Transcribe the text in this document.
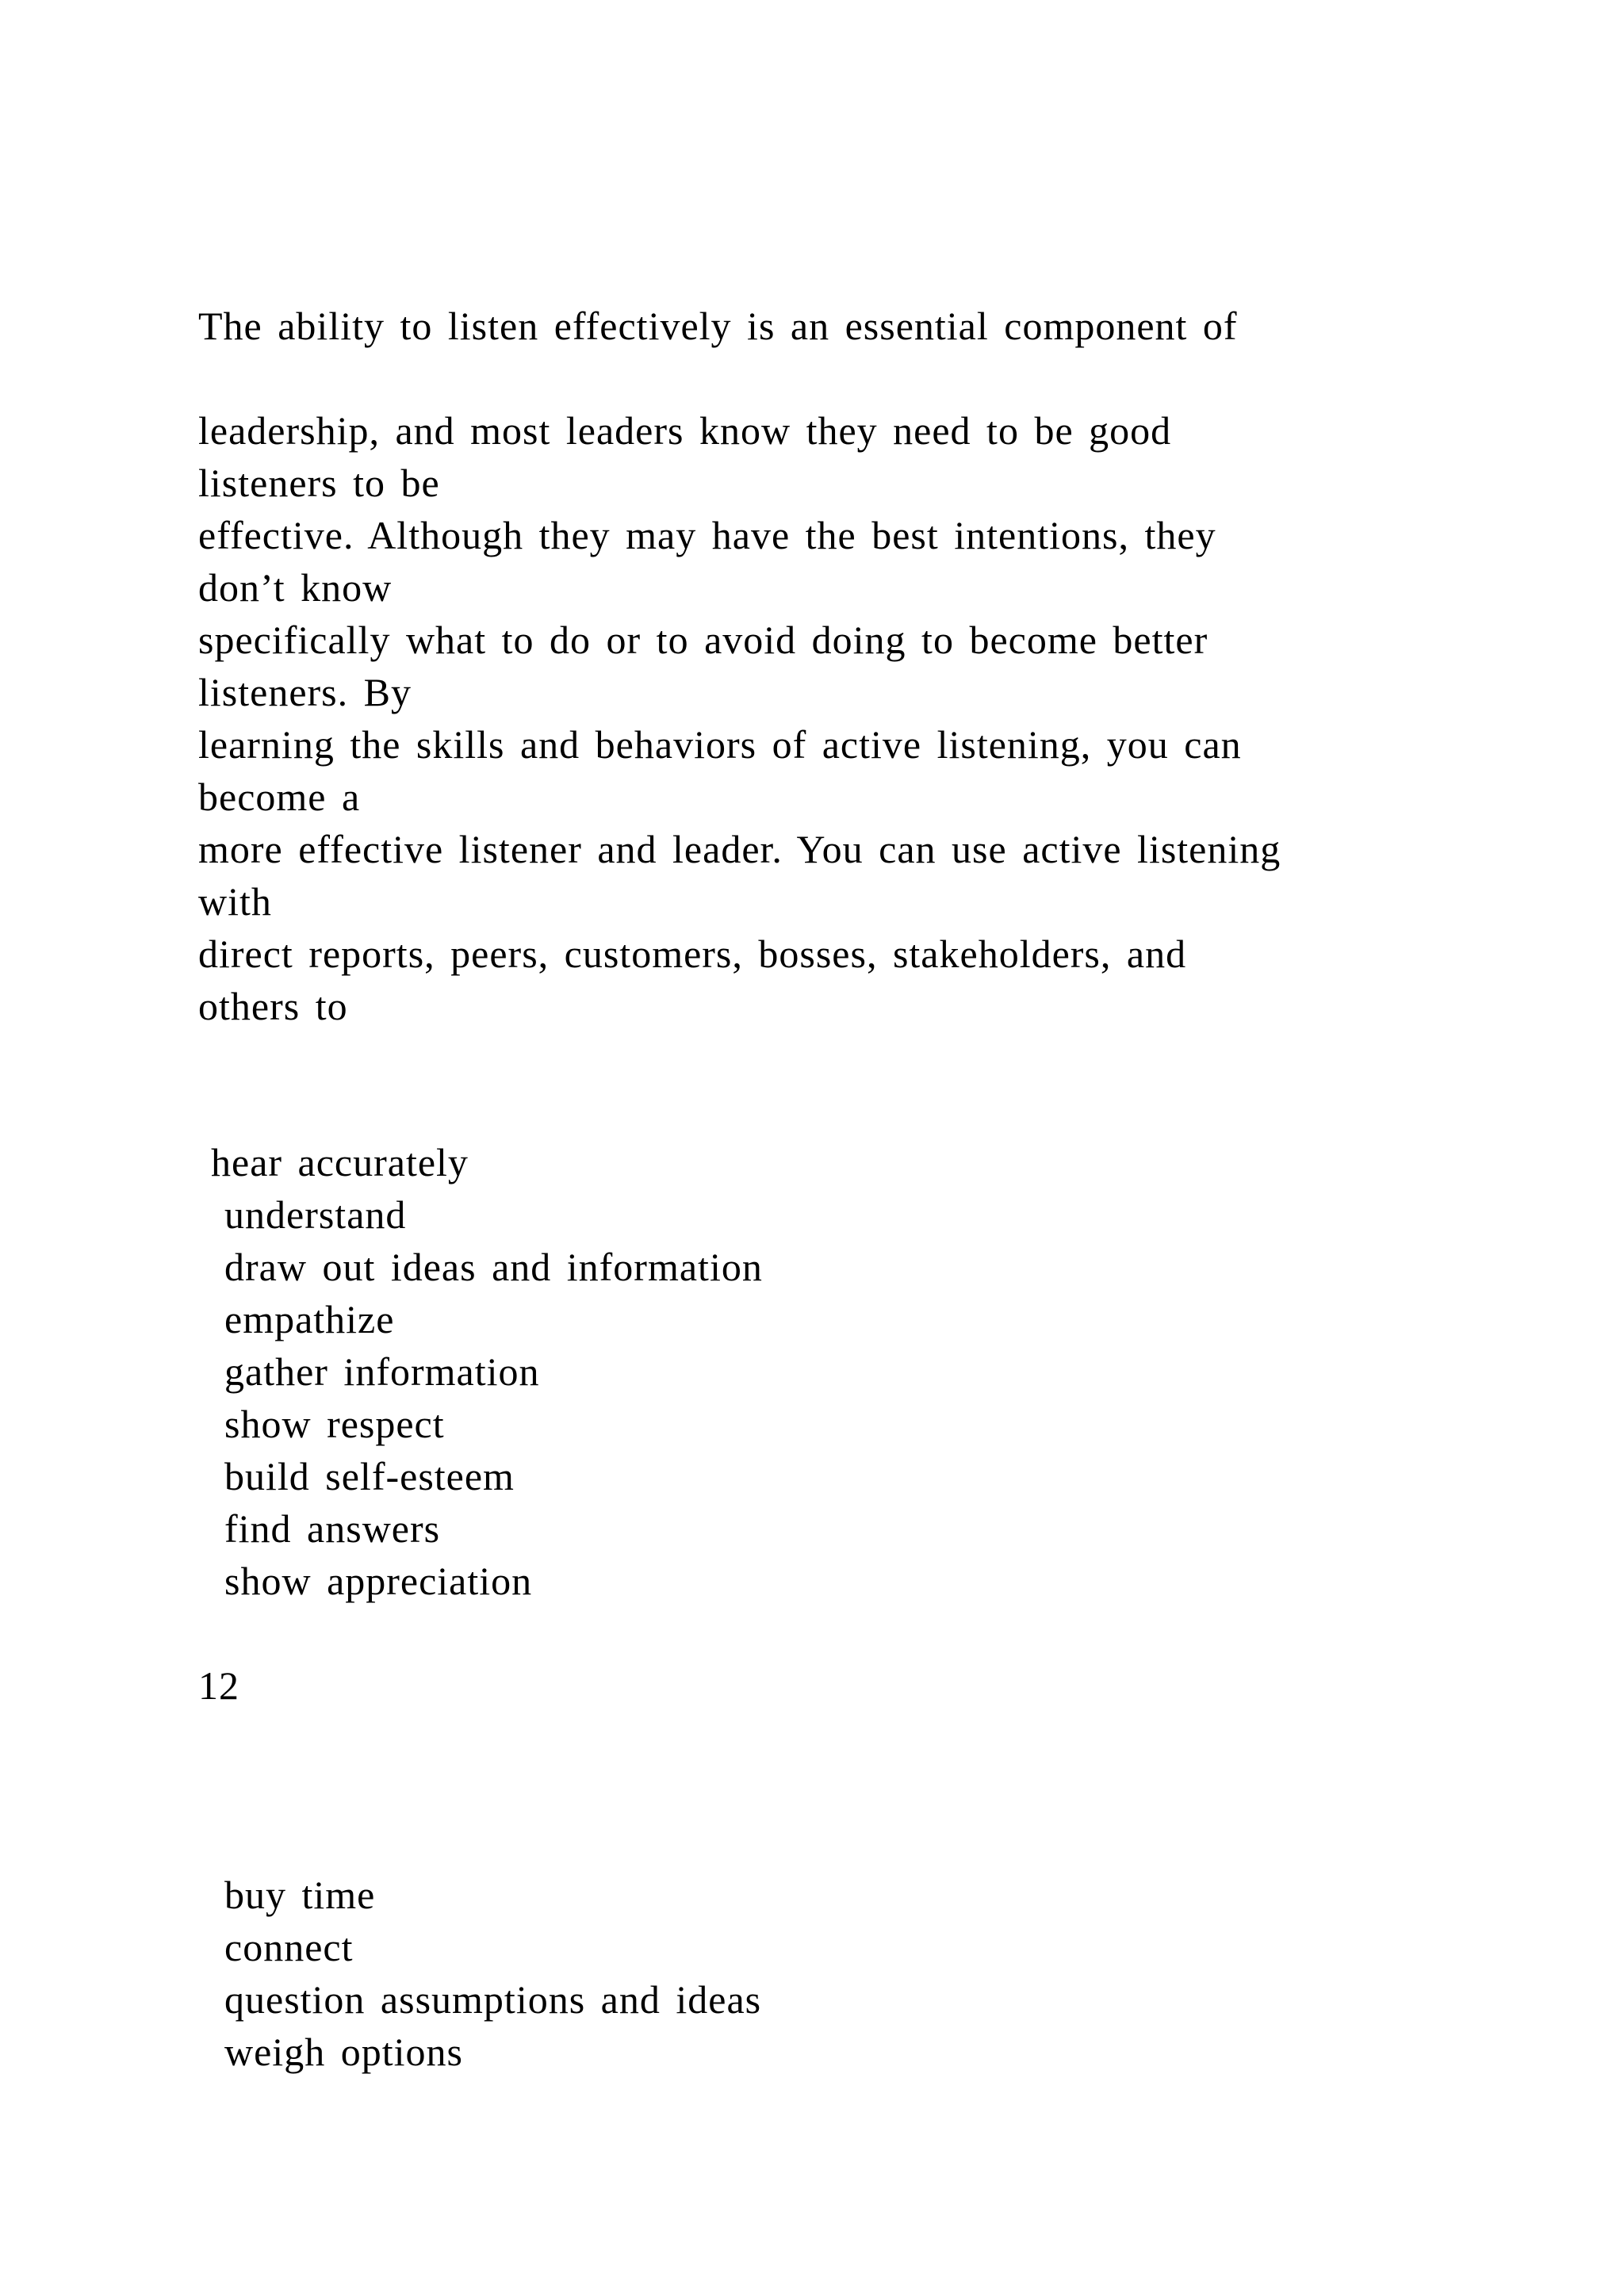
The ability to listen effectively is an essential component of
leadership, and most leaders know they need to be good
listeners to be
effective. Although they may have the best intentions, they
don’t know
specifically what to do or to avoid doing to become better
listeners. By
learning the skills and behaviors of active listening, you can
become a
more effective listener and leader. You can use active listening
with
direct reports, peers, customers, bosses, stakeholders, and
others to
hear accurately
understand
draw out ideas and information
empathize
gather information
show respect
build self-esteem
find answers
show appreciation
12
buy time
connect
question assumptions and ideas
weigh options
